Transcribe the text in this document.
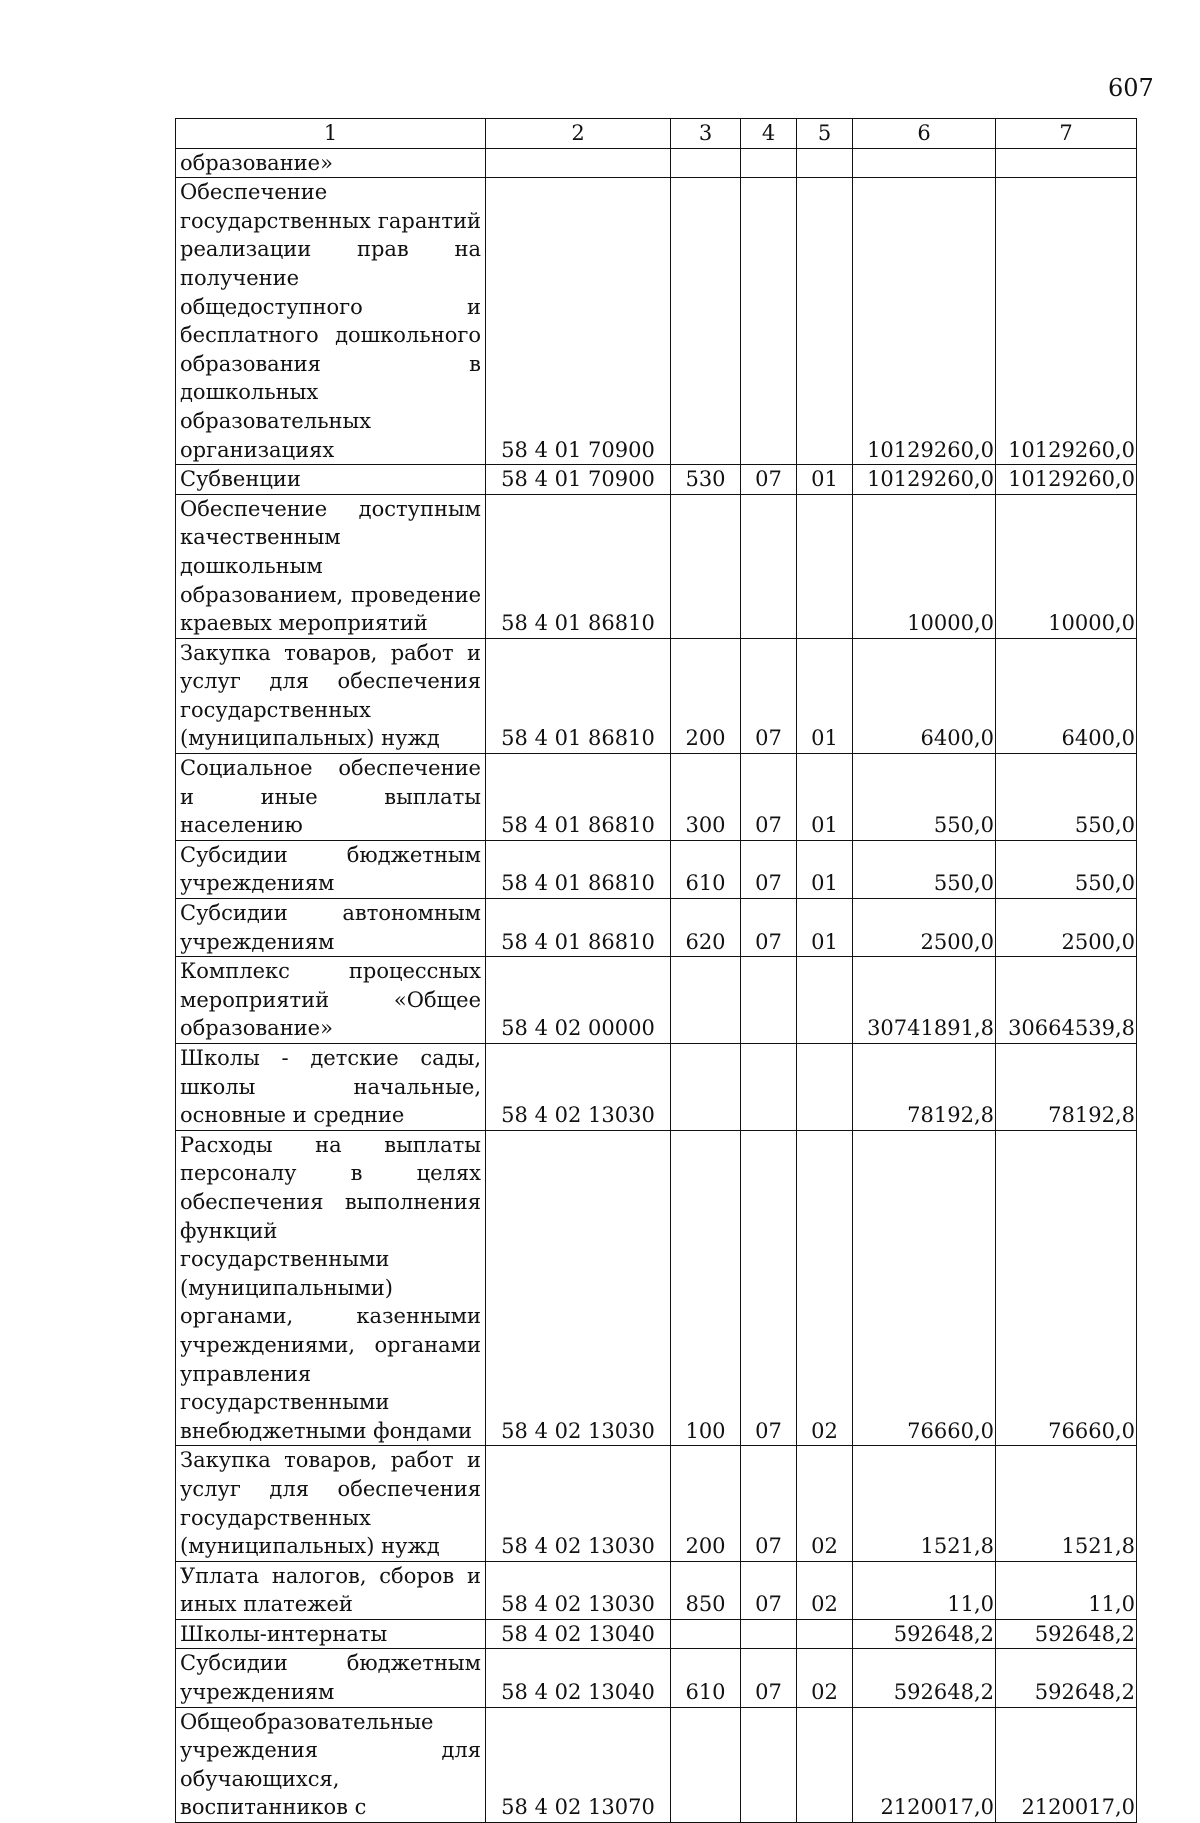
607
1	2	3	4	5	6	7
образование»						
Обеспечение государственных гарантий реализации прав на получение общедоступного и бесплатного дошкольного образования в дошкольных образовательных организациях	58 4 01 70900				10129260,0	10129260,0
Субвенции	58 4 01 70900	530	07	01	10129260,0	10129260,0
Обеспечение доступным качественным дошкольным образованием, проведение краевых мероприятий	58 4 01 86810				10000,0	10000,0
Закупка товаров, работ и услуг для обеспечения государственных (муниципальных) нужд	58 4 01 86810	200	07	01	6400,0	6400,0
Социальное обеспечение и иные выплаты населению	58 4 01 86810	300	07	01	550,0	550,0
Субсидии бюджетным учреждениям	58 4 01 86810	610	07	01	550,0	550,0
Субсидии автономным учреждениям	58 4 01 86810	620	07	01	2500,0	2500,0
Комплекс процессных мероприятий «Общее образование»	58 4 02 00000				30741891,8	30664539,8
Школы - детские сады, школы начальные, основные и средние	58 4 02 13030				78192,8	78192,8
Расходы на выплаты персоналу в целях обеспечения выполнения функций государственными (муниципальными) органами, казенными учреждениями, органами управления государственными внебюджетными фондами	58 4 02 13030	100	07	02	76660,0	76660,0
Закупка товаров, работ и услуг для обеспечения государственных (муниципальных) нужд	58 4 02 13030	200	07	02	1521,8	1521,8
Уплата налогов, сборов и иных платежей	58 4 02 13030	850	07	02	11,0	11,0
Школы-интернаты	58 4 02 13040				592648,2	592648,2
Субсидии бюджетным учреждениям	58 4 02 13040	610	07	02	592648,2	592648,2
Общеобразовательные учреждения для обучающихся, воспитанников с	58 4 02 13070				2120017,0	2120017,0
